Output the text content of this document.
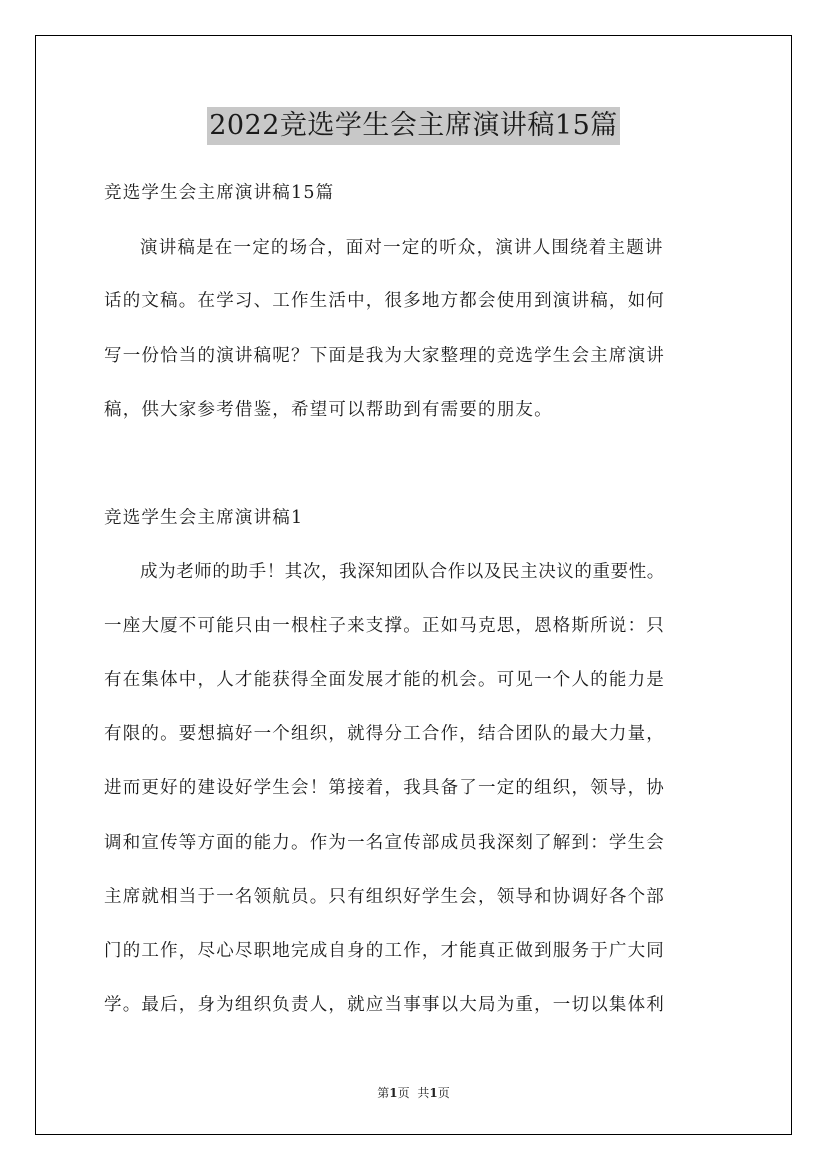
2022竞选学生会主席演讲稿15篇

竞选学生会主席演讲稿15篇

演讲稿是在一定的场合，面对一定的听众，演讲人围绕着主题讲

话的文稿。在学习、工作生活中，很多地方都会使用到演讲稿，如何

写一份恰当的演讲稿呢？下面是我为大家整理的竞选学生会主席演讲

稿，供大家参考借鉴，希望可以帮助到有需要的朋友。

竞选学生会主席演讲稿1

成为老师的助手！其次，我深知团队合作以及民主决议的重要性。

一座大厦不可能只由一根柱子来支撑。正如马克思，恩格斯所说：只

有在集体中，人才能获得全面发展才能的机会。可见一个人的能力是

有限的。要想搞好一个组织，就得分工合作，结合团队的最大力量，

进而更好的建设好学生会！第接着，我具备了一定的组织，领导，协

调和宣传等方面的能力。作为一名宣传部成员我深刻了解到：学生会

主席就相当于一名领航员。只有组织好学生会，领导和协调好各个部

门的工作，尽心尽职地完成自身的工作，才能真正做到服务于广大同

学。最后，身为组织负责人，就应当事事以大局为重，一切以集体利

第1页 共1页
